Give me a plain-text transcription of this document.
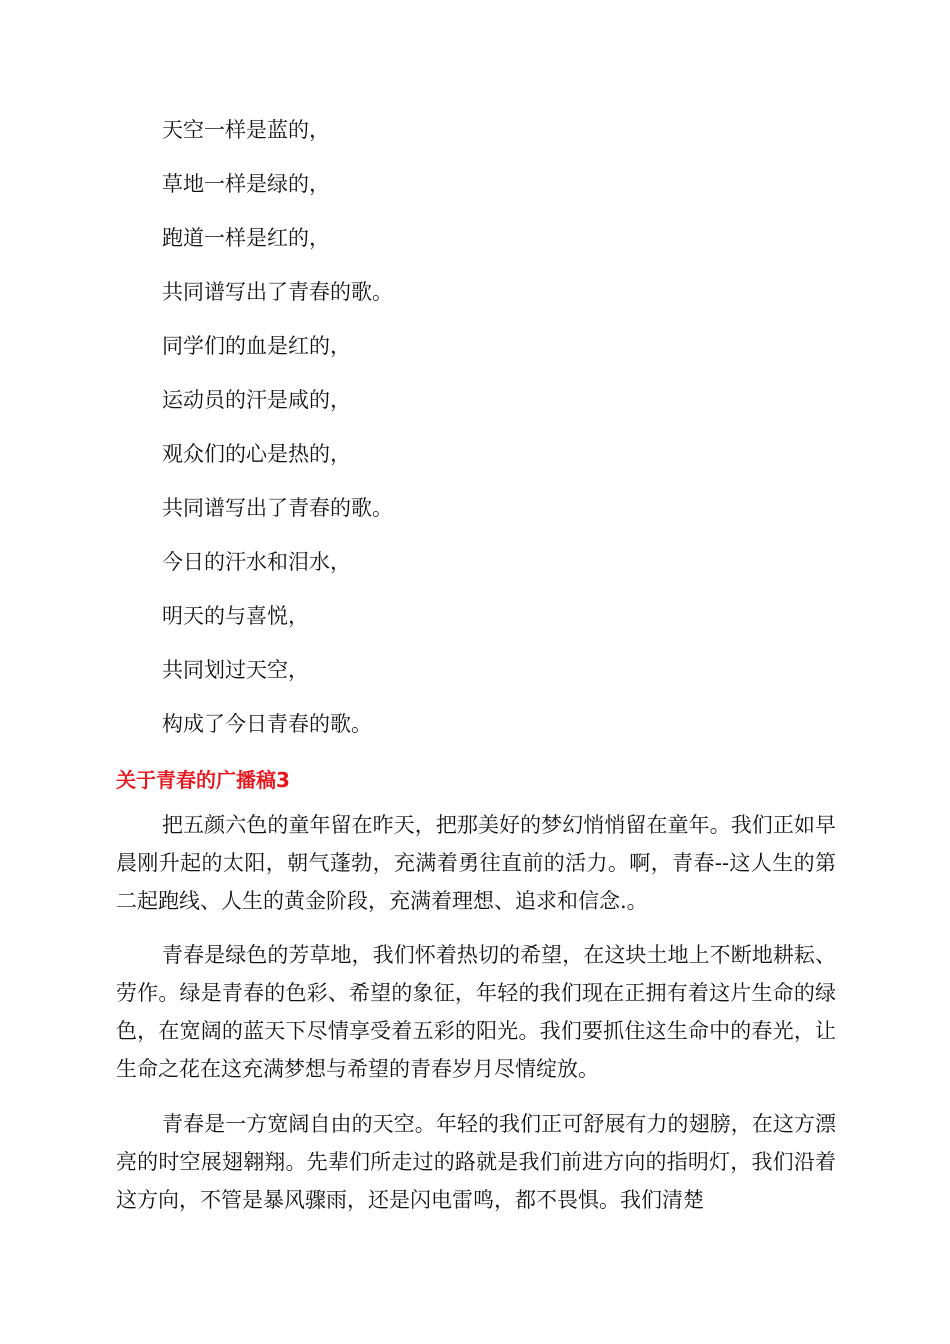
天空一样是蓝的，
草地一样是绿的，
跑道一样是红的，
共同谱写出了青春的歌。
同学们的血是红的，
运动员的汗是咸的，
观众们的心是热的，
共同谱写出了青春的歌。
今日的汗水和泪水，
明天的与喜悦，
共同划过天空，
构成了今日青春的歌。
关于青春的广播稿3

把五颜六色的童年留在昨天，把那美好的梦幻悄悄留在童年。我们正如早晨刚升起的太阳，朝气蓬勃，充满着勇往直前的活力。啊，青春--这人生的第二起跑线、人生的黄金阶段，充满着理想、追求和信念.。

青春是绿色的芳草地，我们怀着热切的希望，在这块土地上不断地耕耘、劳作。绿是青春的色彩、希望的象征，年轻的我们现在正拥有着这片生命的绿色，在宽阔的蓝天下尽情享受着五彩的阳光。我们要抓住这生命中的春光，让生命之花在这充满梦想与希望的青春岁月尽情绽放。

青春是一方宽阔自由的天空。年轻的我们正可舒展有力的翅膀，在这方漂亮的时空展翅翱翔。先辈们所走过的路就是我们前进方向的指明灯，我们沿着这方向，不管是暴风骤雨，还是闪电雷鸣，都不畏惧。我们清楚
